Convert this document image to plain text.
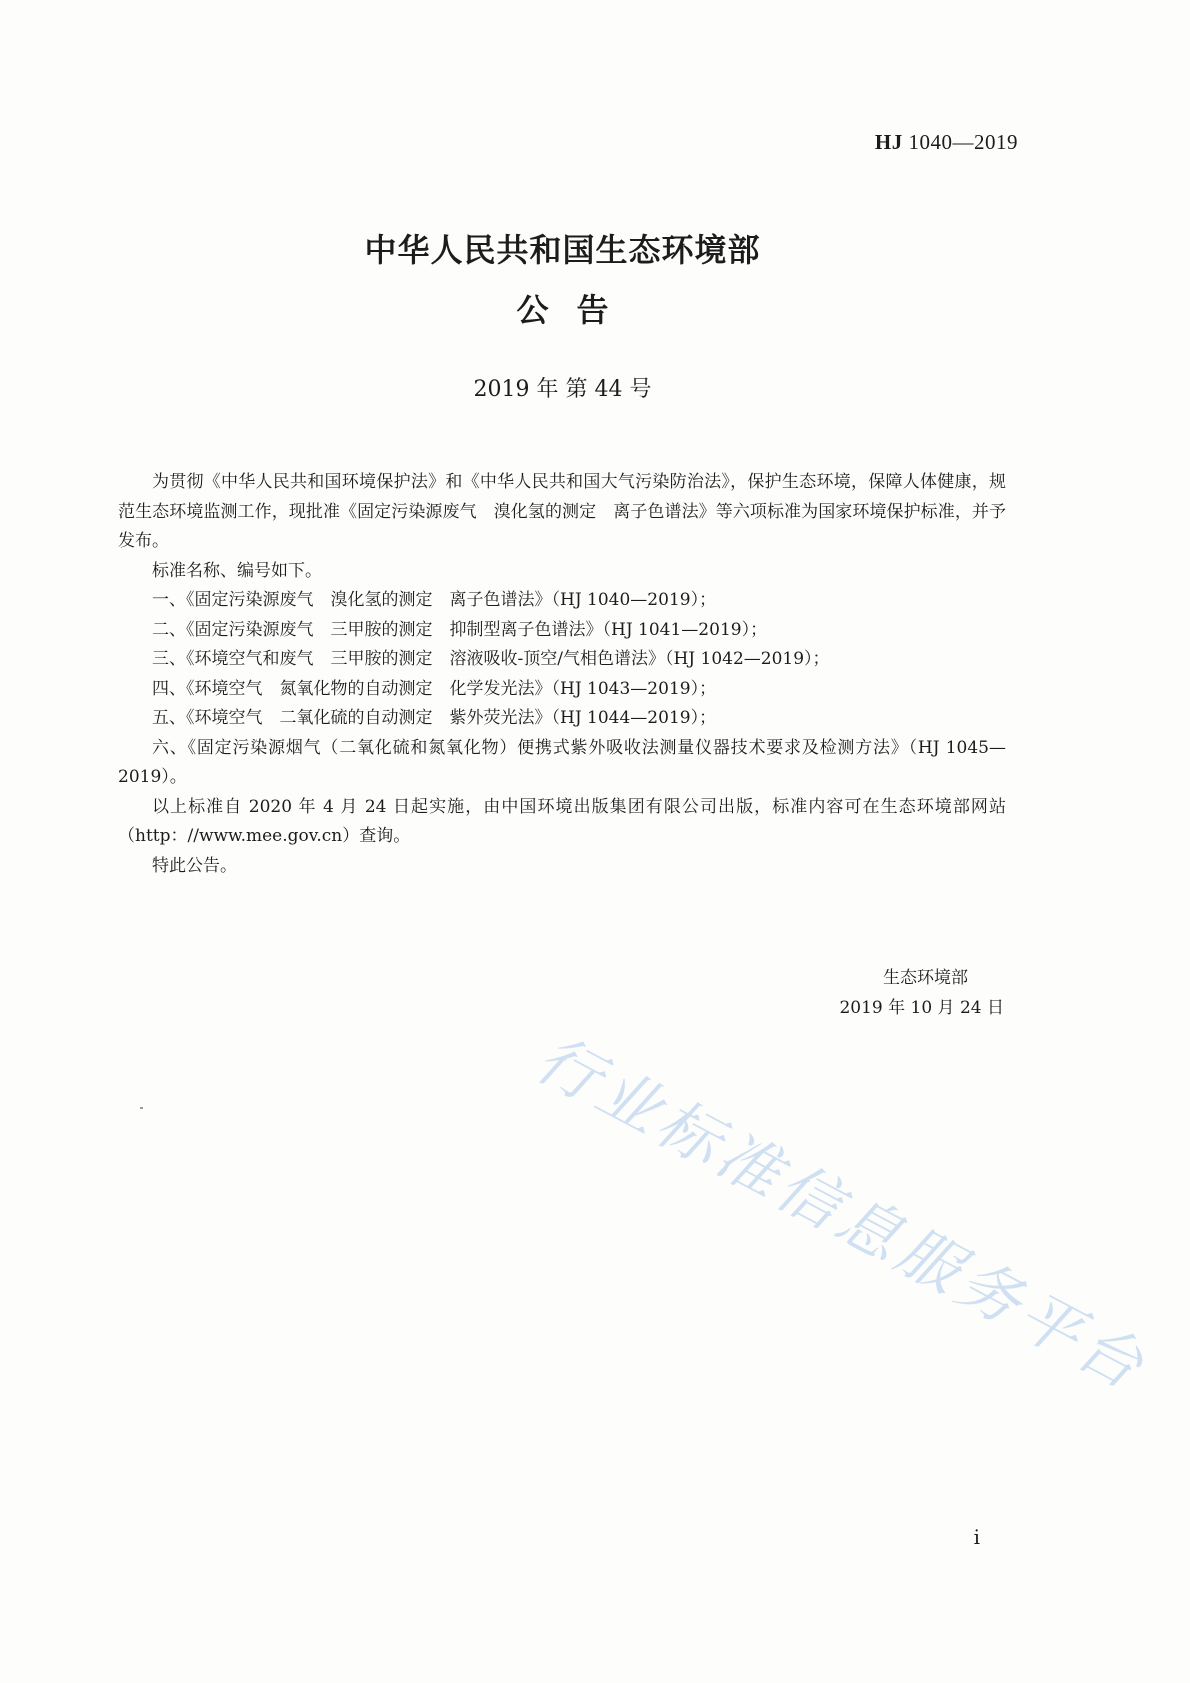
HJ 1040—2019
中华人民共和国生态环境部
公告
2019 年 第 44 号

为贯彻《中华人民共和国环境保护法》和《中华人民共和国大气污染防治法》，保护生态环境，保障人体健康，规范生态环境监测工作，现批准《固定污染源废气　溴化氢的测定　离子色谱法》等六项标准为国家环境保护标准，并予发布。

标准名称、编号如下。

一、《固定污染源废气　溴化氢的测定　离子色谱法》（HJ 1040—2019）；

二、《固定污染源废气　三甲胺的测定　抑制型离子色谱法》（HJ 1041—2019）；

三、《环境空气和废气　三甲胺的测定　溶液吸收-顶空/气相色谱法》（HJ 1042—2019）；

四、《环境空气　氮氧化物的自动测定　化学发光法》（HJ 1043—2019）；

五、《环境空气　二氧化硫的自动测定　紫外荧光法》（HJ 1044—2019）；

六、《固定污染源烟气（二氧化硫和氮氧化物）便携式紫外吸收法测量仪器技术要求及检测方法》（HJ 1045—2019）。

以上标准自 2020 年 4 月 24 日起实施，由中国环境出版集团有限公司出版，标准内容可在生态环境部网站（http：//www.mee.gov.cn）查询。

特此公告。

生态环境部
2019 年 10 月 24 日
行业标准信息服务平台
i
